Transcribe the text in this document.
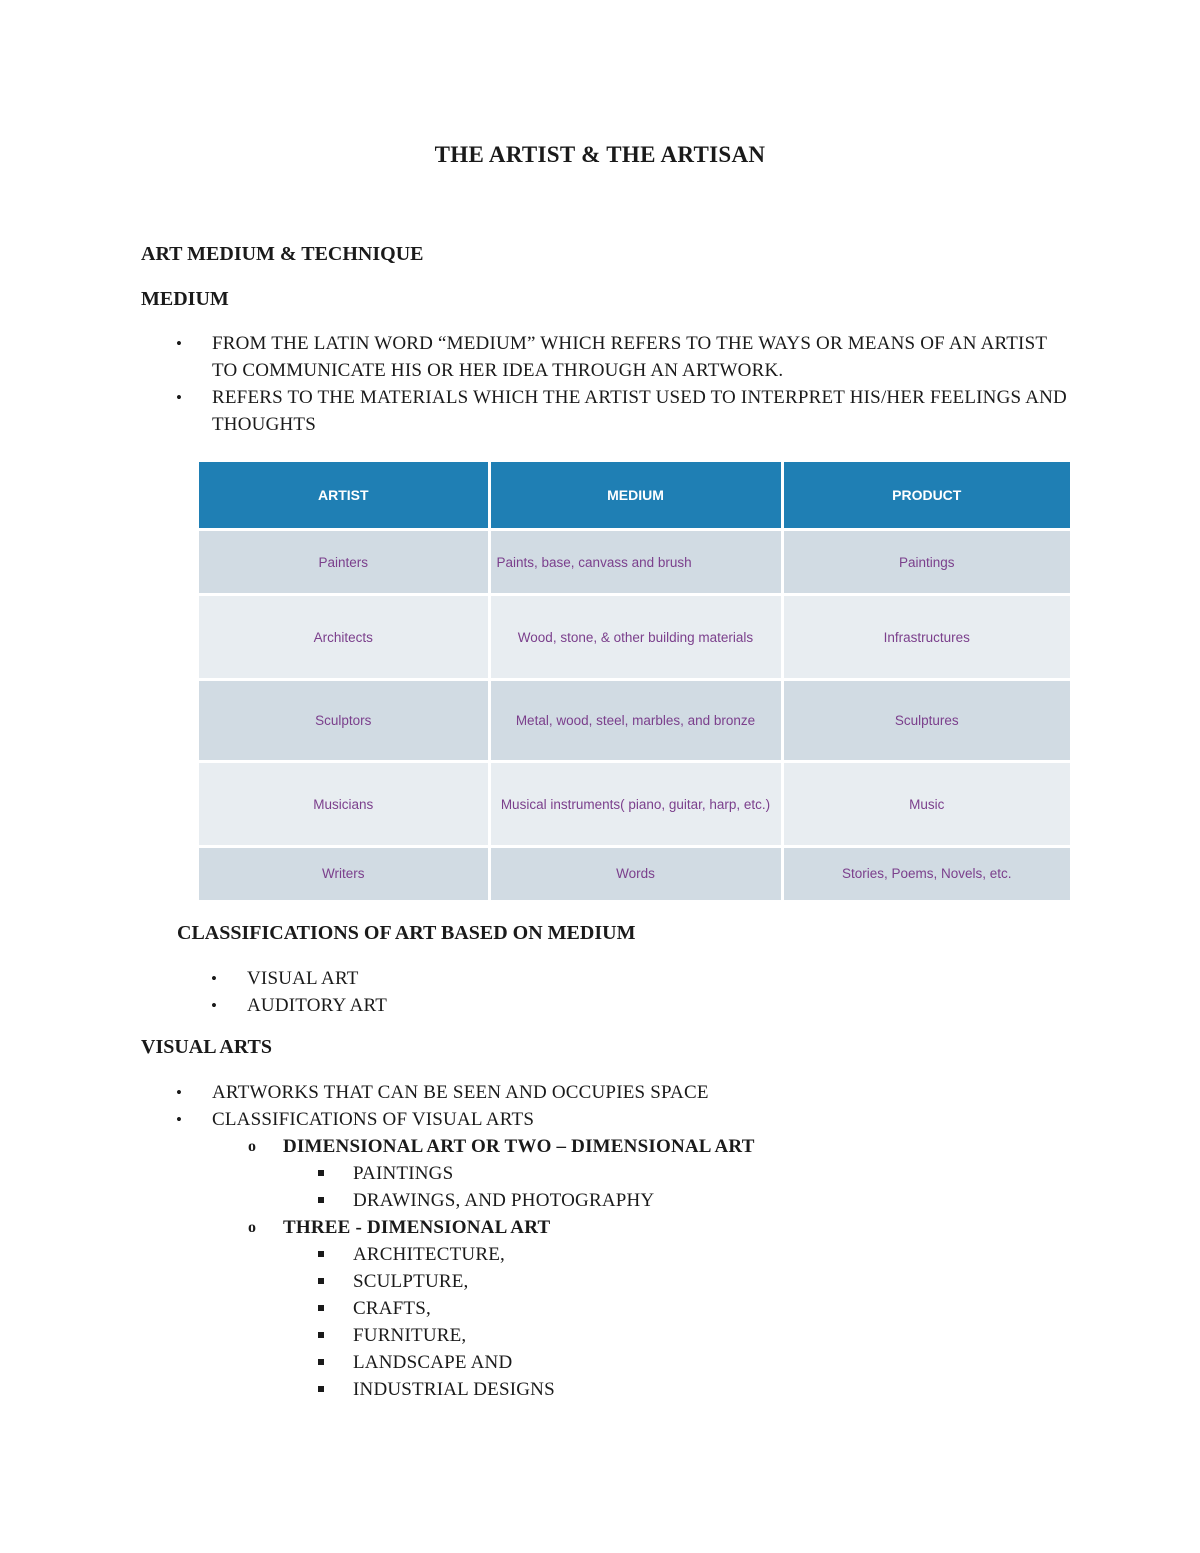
THE ARTIST & THE ARTISAN
ART MEDIUM & TECHNIQUE
MEDIUM
• FROM THE LATIN WORD “MEDIUM” WHICH REFERS TO THE WAYS OR MEANS OF AN ARTIST TO COMMUNICATE HIS OR HER IDEA THROUGH AN ARTWORK.
• REFERS TO THE MATERIALS WHICH THE ARTIST USED TO INTERPRET HIS/HER FEELINGS AND THOUGHTS
ARTIST	MEDIUM	PRODUCT
Painters	Paints, base, canvass and brush	Paintings
Architects	Wood, stone, & other building materials	Infrastructures
Sculptors	Metal, wood, steel, marbles, and bronze	Sculptures
Musicians	Musical instruments( piano, guitar, harp, etc.)	Music
Writers	Words	Stories, Poems, Novels, etc.
CLASSIFICATIONS OF ART BASED ON MEDIUM
• VISUAL ART
• AUDITORY ART
VISUAL ARTS
• ARTWORKS THAT CAN BE SEEN AND OCCUPIES SPACE
• CLASSIFICATIONS OF VISUAL ARTS
o DIMENSIONAL ART OR TWO – DIMENSIONAL ART
PAINTINGS
DRAWINGS, AND PHOTOGRAPHY
o THREE - DIMENSIONAL ART
ARCHITECTURE,
SCULPTURE,
CRAFTS,
FURNITURE,
LANDSCAPE AND
INDUSTRIAL DESIGNS
